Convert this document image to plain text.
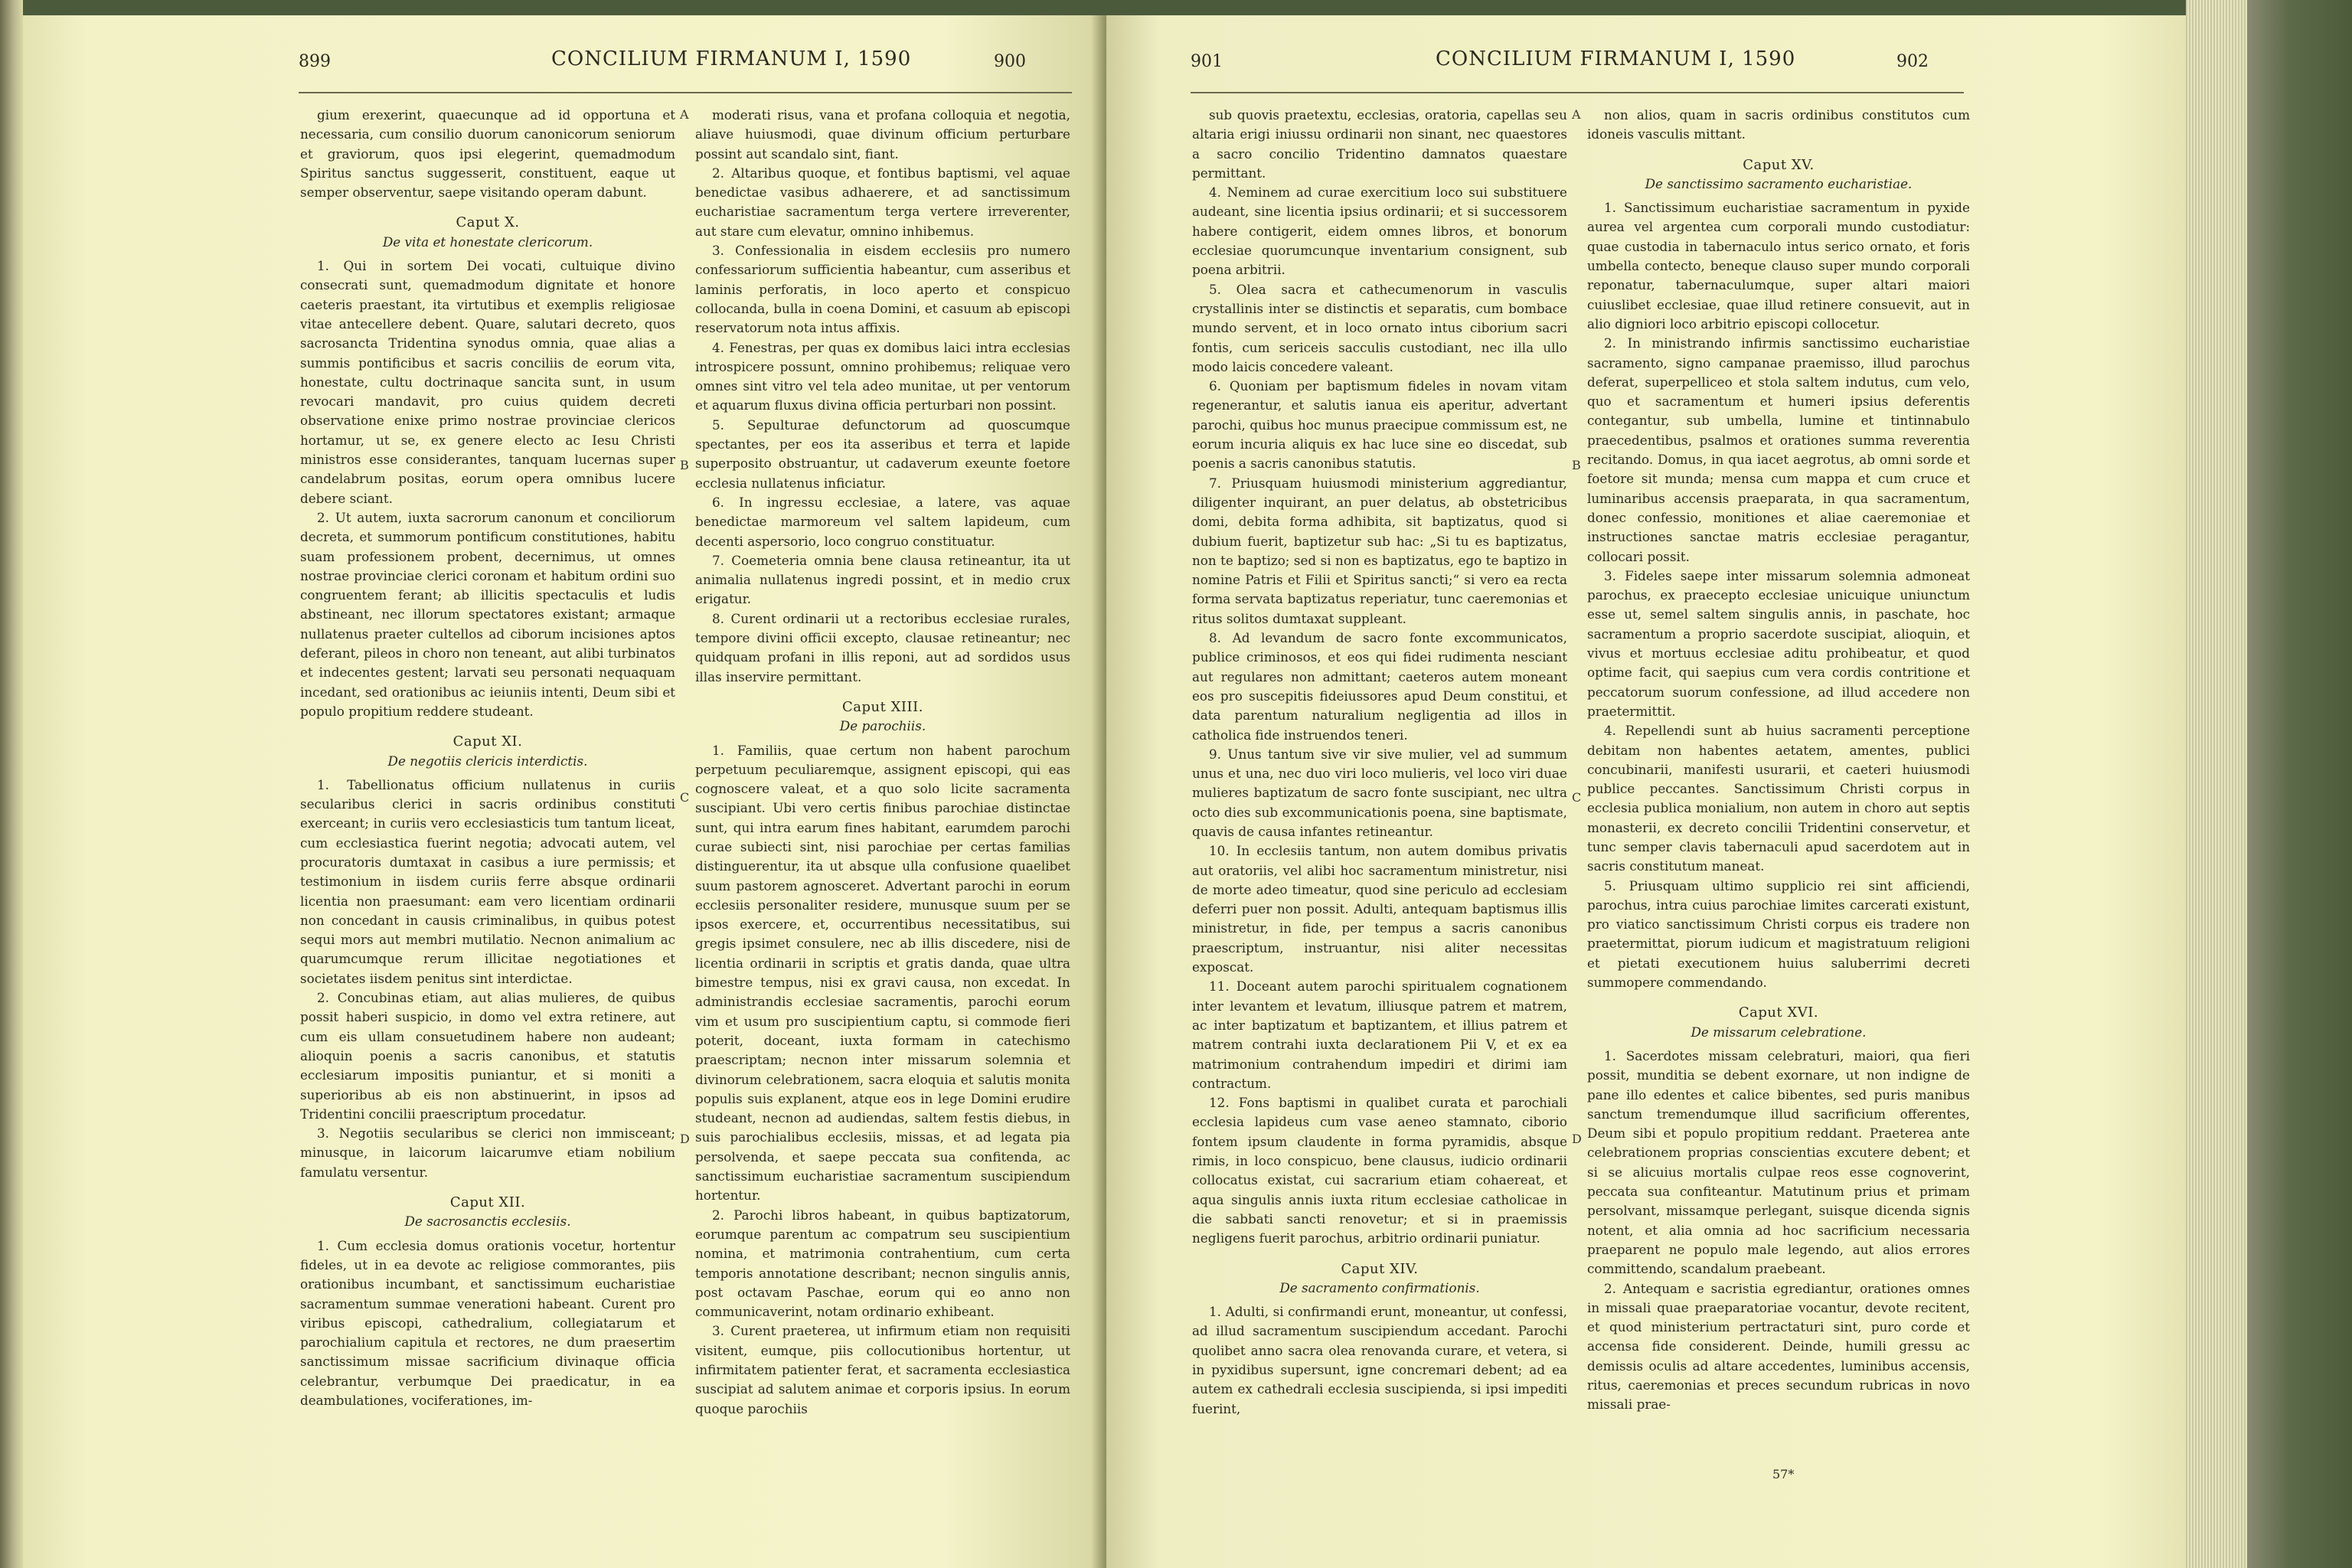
899	CONCILIUM FIRMANUM I, 1590	900

gium erexerint, quaecunque ad id opportuna et necessaria, cum consilio duorum canonicorum seniorum et graviorum, quos ipsi elegerint, quemadmodum Spiritus sanctus suggesserit, constituent, eaque ut semper observentur, saepe visitando operam dabunt.

Caput X.

De vita et honestate clericorum.

1. Qui in sortem Dei vocati, cultuique divino consecrati sunt, quemadmodum dignitate et honore caeteris praestant, ita virtutibus et exemplis religiosae vitae antecellere debent. Quare, salutari decreto, quos sacrosancta Tridentina synodus omnia, quae alias a summis pontificibus et sacris conciliis de eorum vita, honestate, cultu doctrinaque sancita sunt, in usum revocari mandavit, pro cuius quidem decreti observatione enixe primo nostrae provinciae clericos hortamur, ut se, ex genere electo ac Iesu Christi ministros esse considerantes, tanquam lucernas super candelabrum positas, eorum opera omnibus lucere debere sciant.

2. Ut autem, iuxta sacrorum canonum et conciliorum decreta, et summorum pontificum constitutiones, habitu suam professionem probent, decernimus, ut omnes nostrae provinciae clerici coronam et habitum ordini suo congruentem ferant; ab illicitis spectaculis et ludis abstineant, nec illorum spectatores existant; armaque nullatenus praeter cultellos ad ciborum incisiones aptos deferant, pileos in choro non teneant, aut alibi turbinatos et indecentes gestent; larvati seu personati nequaquam incedant, sed orationibus ac ieiuniis intenti, Deum sibi et populo propitium reddere studeant.

Caput XI.

De negotiis clericis interdictis.

1. Tabellionatus officium nullatenus in curiis secularibus clerici in sacris ordinibus constituti exerceant; in curiis vero ecclesiasticis tum tantum liceat, cum ecclesiastica fuerint negotia; advocati autem, vel procuratoris dumtaxat in casibus a iure permissis; et testimonium in iisdem curiis ferre absque ordinarii licentia non praesumant: eam vero licentiam ordinarii non concedant in causis criminalibus, in quibus potest sequi mors aut membri mutilatio. Necnon animalium ac quarumcumque rerum illicitae negotiationes et societates iisdem penitus sint interdictae.

2. Concubinas etiam, aut alias mulieres, de quibus possit haberi suspicio, in domo vel extra retinere, aut cum eis ullam consuetudinem habere non audeant; alioquin poenis a sacris canonibus, et statutis ecclesiarum impositis puniantur, et si moniti a superioribus ab eis non abstinuerint, in ipsos ad Tridentini concilii praescriptum procedatur.

3. Negotiis secularibus se clerici non immisceant; minusque, in laicorum laicarumve etiam nobilium famulatu versentur.

Caput XII.

De sacrosanctis ecclesiis.

1. Cum ecclesia domus orationis vocetur, hortentur fideles, ut in ea devote ac religiose commorantes, piis orationibus incumbant, et sanctissimum eucharistiae sacramentum summae venerationi habeant. Curent pro viribus episcopi, cathedralium, collegiatarum et parochialium capitula et rectores, ne dum praesertim sanctissimum missae sacrificium divinaque officia celebrantur, verbumque Dei praedicatur, in ea deambulationes, vociferationes, im-

A
B
C
D

moderati risus, vana et profana colloquia et negotia, aliave huiusmodi, quae divinum officium perturbare possint aut scandalo sint, fiant.

2. Altaribus quoque, et fontibus baptismi, vel aquae benedictae vasibus adhaerere, et ad sanctissimum eucharistiae sacramentum terga vertere irreverenter, aut stare cum elevatur, omnino inhibemus.

3. Confessionalia in eisdem ecclesiis pro numero confessariorum sufficientia habeantur, cum asseribus et laminis perforatis, in loco aperto et conspicuo collocanda, bulla in coena Domini, et casuum ab episcopi reservatorum nota intus affixis.

4. Fenestras, per quas ex domibus laici intra ecclesias introspicere possunt, omnino prohibemus; reliquae vero omnes sint vitro vel tela adeo munitae, ut per ventorum et aquarum fluxus divina officia perturbari non possint.

5. Sepulturae defunctorum ad quoscumque spectantes, per eos ita asseribus et terra et lapide superposito obstruantur, ut cadaverum exeunte foetore ecclesia nullatenus inficiatur.

6. In ingressu ecclesiae, a latere, vas aquae benedictae marmoreum vel saltem lapideum, cum decenti aspersorio, loco congruo constituatur.

7. Coemeteria omnia bene clausa retineantur, ita ut animalia nullatenus ingredi possint, et in medio crux erigatur.

8. Curent ordinarii ut a rectoribus ecclesiae rurales, tempore divini officii excepto, clausae retineantur; nec quidquam profani in illis reponi, aut ad sordidos usus illas inservire permittant.

Caput XIII.

De parochiis.

1. Familiis, quae certum non habent parochum perpetuum peculiaremque, assignent episcopi, qui eas cognoscere valeat, et a quo solo licite sacramenta suscipiant. Ubi vero certis finibus parochiae distinctae sunt, qui intra earum fines habitant, earumdem parochi curae subiecti sint, nisi parochiae per certas familias distinguerentur, ita ut absque ulla confusione quaelibet suum pastorem agnosceret. Advertant parochi in eorum ecclesiis personaliter residere, munusque suum per se ipsos exercere, et, occurrentibus necessitatibus, sui gregis ipsimet consulere, nec ab illis discedere, nisi de licentia ordinarii in scriptis et gratis danda, quae ultra bimestre tempus, nisi ex gravi causa, non excedat. In administrandis ecclesiae sacramentis, parochi eorum vim et usum pro suscipientium captu, si commode fieri poterit, doceant, iuxta formam in catechismo praescriptam; necnon inter missarum solemnia et divinorum celebrationem, sacra eloquia et salutis monita populis suis explanent, atque eos in lege Domini erudire studeant, necnon ad audiendas, saltem festis diebus, in suis parochialibus ecclesiis, missas, et ad legata pia persolvenda, et saepe peccata sua confitenda, ac sanctissimum eucharistiae sacramentum suscipiendum hortentur.

2. Parochi libros habeant, in quibus baptizatorum, eorumque parentum ac compatrum seu suscipientium nomina, et matrimonia contrahentium, cum certa temporis annotatione describant; necnon singulis annis, post octavam Paschae, eorum qui eo anno non communicaverint, notam ordinario exhibeant.

3. Curent praeterea, ut infirmum etiam non requisiti visitent, eumque, piis collocutionibus hortentur, ut infirmitatem patienter ferat, et sacramenta ecclesiastica suscipiat ad salutem animae et corporis ipsius. In eorum quoque parochiis

901	CONCILIUM FIRMANUM I, 1590	902

sub quovis praetextu, ecclesias, oratoria, capellas seu altaria erigi iniussu ordinarii non sinant, nec quaestores a sacro concilio Tridentino damnatos quaestare permittant.

4. Neminem ad curae exercitium loco sui substituere audeant, sine licentia ipsius ordinarii; et si successorem habere contigerit, eidem omnes libros, et bonorum ecclesiae quorumcunque inventarium consignent, sub poena arbitrii.

5. Olea sacra et cathecumenorum in vasculis crystallinis inter se distinctis et separatis, cum bombace mundo servent, et in loco ornato intus ciborium sacri fontis, cum sericeis sacculis custodiant, nec illa ullo modo laicis concedere valeant.

6. Quoniam per baptismum fideles in novam vitam regenerantur, et salutis ianua eis aperitur, advertant parochi, quibus hoc munus praecipue commissum est, ne eorum incuria aliquis ex hac luce sine eo discedat, sub poenis a sacris canonibus statutis.

7. Priusquam huiusmodi ministerium aggrediantur, diligenter inquirant, an puer delatus, ab obstetricibus domi, debita forma adhibita, sit baptizatus, quod si dubium fuerit, baptizetur sub hac: „Si tu es baptizatus, non te baptizo; sed si non es baptizatus, ego te baptizo in nomine Patris et Filii et Spiritus sancti;“ si vero ea recta forma servata baptizatus reperiatur, tunc caeremonias et ritus solitos dumtaxat suppleant.

8. Ad levandum de sacro fonte excommunicatos, publice criminosos, et eos qui fidei rudimenta nesciant aut regulares non admittant; caeteros autem moneant eos pro suscepitis fideiussores apud Deum constitui, et data parentum naturalium negligentia ad illos in catholica fide instruendos teneri.

9. Unus tantum sive vir sive mulier, vel ad summum unus et una, nec duo viri loco mulieris, vel loco viri duae mulieres baptizatum de sacro fonte suscipiant, nec ultra octo dies sub excommunicationis poena, sine baptismate, quavis de causa infantes retineantur.

10. In ecclesiis tantum, non autem domibus privatis aut oratoriis, vel alibi hoc sacramentum ministretur, nisi de morte adeo timeatur, quod sine periculo ad ecclesiam deferri puer non possit. Adulti, antequam baptismus illis ministretur, in fide, per tempus a sacris canonibus praescriptum, instruantur, nisi aliter necessitas exposcat.

11. Doceant autem parochi spiritualem cognationem inter levantem et levatum, illiusque patrem et matrem, ac inter baptizatum et baptizantem, et illius patrem et matrem contrahi iuxta declarationem Pii V, et ex ea matrimonium contrahendum impediri et dirimi iam contractum.

12. Fons baptismi in qualibet curata et parochiali ecclesia lapideus cum vase aeneo stamnato, ciborio fontem ipsum claudente in forma pyramidis, absque rimis, in loco conspicuo, bene clausus, iudicio ordinarii collocatus existat, cui sacrarium etiam cohaereat, et aqua singulis annis iuxta ritum ecclesiae catholicae in die sabbati sancti renovetur; et si in praemissis negligens fuerit parochus, arbitrio ordinarii puniatur.

Caput XIV.

De sacramento confirmationis.

1. Adulti, si confirmandi erunt, moneantur, ut confessi, ad illud sacramentum suscipiendum accedant. Parochi quolibet anno sacra olea renovanda curare, et vetera, si in pyxidibus supersunt, igne concremari debent; ad ea autem ex cathedrali ecclesia suscipienda, si ipsi impediti fuerint,

A
B
C
D

non alios, quam in sacris ordinibus constitutos cum idoneis vasculis mittant.

Caput XV.

De sanctissimo sacramento eucharistiae.

1. Sanctissimum eucharistiae sacramentum in pyxide aurea vel argentea cum corporali mundo custodiatur: quae custodia in tabernaculo intus serico ornato, et foris umbella contecto, beneque clauso super mundo corporali reponatur, tabernaculumque, super altari maiori cuiuslibet ecclesiae, quae illud retinere consuevit, aut in alio digniori loco arbitrio episcopi collocetur.

2. In ministrando infirmis sanctissimo eucharistiae sacramento, signo campanae praemisso, illud parochus deferat, superpelliceo et stola saltem indutus, cum velo, quo et sacramentum et humeri ipsius deferentis contegantur, sub umbella, lumine et tintinnabulo praecedentibus, psalmos et orationes summa reverentia recitando. Domus, in qua iacet aegrotus, ab omni sorde et foetore sit munda; mensa cum mappa et cum cruce et luminaribus accensis praeparata, in qua sacramentum, donec confessio, monitiones et aliae caeremoniae et instructiones sanctae matris ecclesiae peragantur, collocari possit.

3. Fideles saepe inter missarum solemnia admoneat parochus, ex praecepto ecclesiae unicuique uniunctum esse ut, semel saltem singulis annis, in paschate, hoc sacramentum a proprio sacerdote suscipiat, alioquin, et vivus et mortuus ecclesiae aditu prohibeatur, et quod optime facit, qui saepius cum vera cordis contritione et peccatorum suorum confessione, ad illud accedere non praetermittit.

4. Repellendi sunt ab huius sacramenti perceptione debitam non habentes aetatem, amentes, publici concubinarii, manifesti usurarii, et caeteri huiusmodi publice peccantes. Sanctissimum Christi corpus in ecclesia publica monialium, non autem in choro aut septis monasterii, ex decreto concilii Tridentini conservetur, et tunc semper clavis tabernaculi apud sacerdotem aut in sacris constitutum maneat.

5. Priusquam ultimo supplicio rei sint afficiendi, parochus, intra cuius parochiae limites carcerati existunt, pro viatico sanctissimum Christi corpus eis tradere non praetermittat, piorum iudicum et magistratuum religioni et pietati executionem huius saluberrimi decreti summopere commendando.

Caput XVI.

De missarum celebratione.

1. Sacerdotes missam celebraturi, maiori, qua fieri possit, munditia se debent exornare, ut non indigne de pane illo edentes et calice bibentes, sed puris manibus sanctum tremendumque illud sacrificium offerentes, Deum sibi et populo propitium reddant. Praeterea ante celebrationem proprias conscientias excutere debent; et si se alicuius mortalis culpae reos esse cognoverint, peccata sua confiteantur. Matutinum prius et primam persolvant, missamque perlegant, suisque dicenda signis notent, et alia omnia ad hoc sacrificium necessaria praeparent ne populo male legendo, aut alios errores committendo, scandalum praebeant.

2. Antequam e sacristia egrediantur, orationes omnes in missali quae praeparatoriae vocantur, devote recitent, et quod ministerium pertractaturi sint, puro corde et accensa fide considerent. Deinde, humili gressu ac demissis oculis ad altare accedentes, luminibus accensis, ritus, caeremonias et preces secundum rubricas in novo missali prae-

57*
